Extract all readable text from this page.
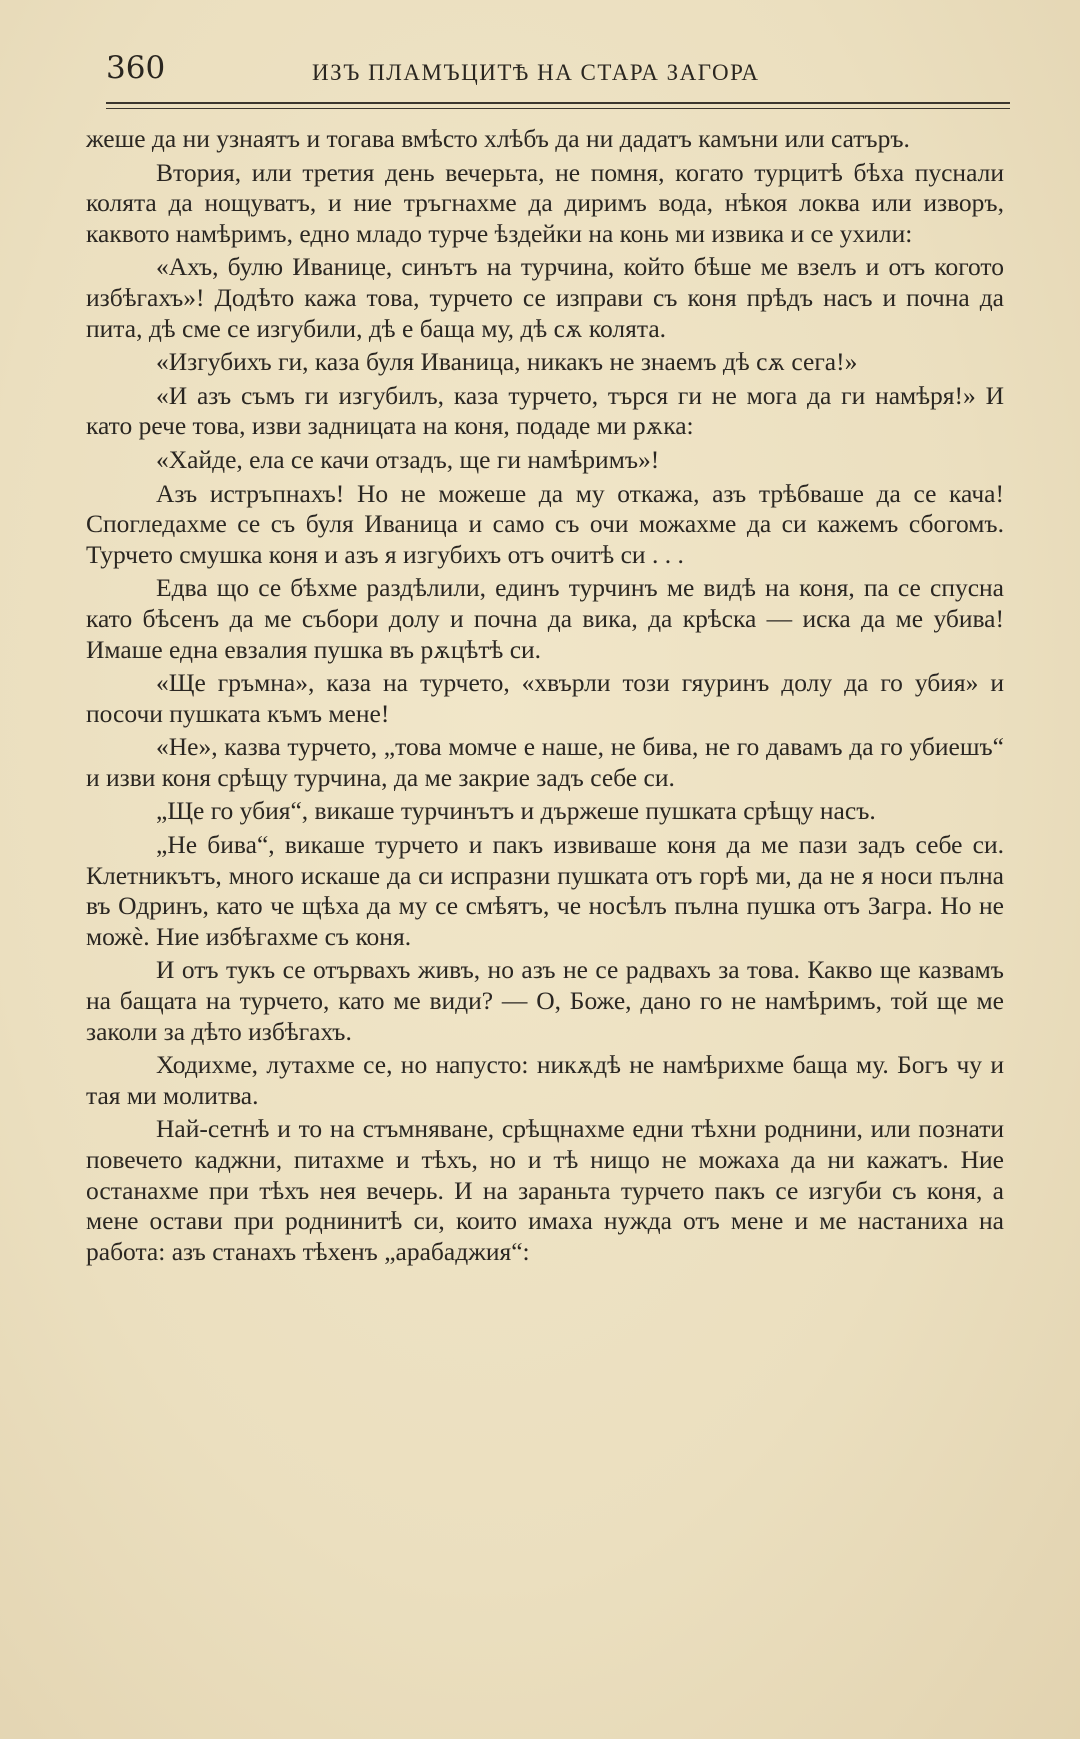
360	ИЗЪ ПЛАМЪЦИТѢ НА СТАРА ЗАГОРА

жеше да ни узнаятъ и тогава вмѣсто хлѣбъ да ни дадатъ камъни или сатъръ.

Втория, или третия день вечерьта, не помня, когато турцитѣ бѣха пуснали колята да нощуватъ, и ние тръгнахме да диримъ вода, нѣкоя локва или изворъ, каквото намѣримъ, едно младо турче ѣздейки на конь ми извика и се ухили:

«Ахъ, булю Иванице, синътъ на турчина, който бѣше ме взелъ и отъ когото избѣгахъ»! Додѣто кажа това, турчето се изправи съ коня прѣдъ насъ и почна да пита, дѣ сме се изгубили, дѣ е баща му, дѣ сѫ колята.

«Изгубихъ ги, каза буля Иваница, никакъ не знаемъ дѣ сѫ сега!»

«И азъ съмъ ги изгубилъ, каза турчето, търся ги не мога да ги намѣря!» И като рече това, изви задницата на коня, подаде ми рѫка:

«Хайде, ела се качи отзадъ, ще ги намѣримъ»!

Азъ истръпнахъ! Но не можеше да му откажа, азъ трѣбваше да се кача! Спогледахме се съ буля Иваница и само съ очи можахме да си кажемъ сбогомъ. Турчето смушка коня и азъ я изгубихъ отъ очитѣ си . . .

Едва що се бѣхме раздѣлили, единъ турчинъ ме видѣ на коня, па се спусна като бѣсенъ да ме събори долу и почна да вика, да крѣска — иска да ме убива! Имаше една евзалия пушка въ рѫцѣтѣ си.

«Ще гръмна», каза на турчето, «хвърли този гяуринъ долу да го убия» и посочи пушката къмъ мене!

«Не», казва турчето, „това момче е наше, не бива, не го давамъ да го убиешъ“ и изви коня срѣщу турчина, да ме закрие задъ себе си.

„Ще го убия“, викаше турчинътъ и държеше пушката срѣщу насъ.

„Не бива“, викаше турчето и пакъ извиваше коня да ме пази задъ себе си. Клетникътъ, много искаше да си испразни пушката отъ горѣ ми, да не я носи пълна въ Одринъ, като че щѣха да му се смѣятъ, че носѣлъ пълна пушка отъ Загра. Но не можѐ. Ние избѣгахме съ коня.

И отъ тукъ се отървахъ живъ, но азъ не се радвахъ за това. Какво ще казвамъ на бащата на турчето, като ме види? — О, Боже, дано го не намѣримъ, той ще ме заколи за дѣто избѣгахъ.

Ходихме, лутахме се, но напусто: никѫдѣ не намѣрихме баща му. Богъ чу и тая ми молитва.

Най-сетнѣ и то на стъмняване, срѣщнахме едни тѣхни роднини, или познати повечето каджни, питахме и тѣхъ, но и тѣ нищо не можаха да ни кажатъ. Ние останахме при тѣхъ нея вечерь. И на зараньта турчето пакъ се изгуби съ коня, а мене остави при роднинитѣ си, които имаха нужда отъ мене и ме настаниха на работа: азъ станахъ тѣхенъ „арабаджия“:
